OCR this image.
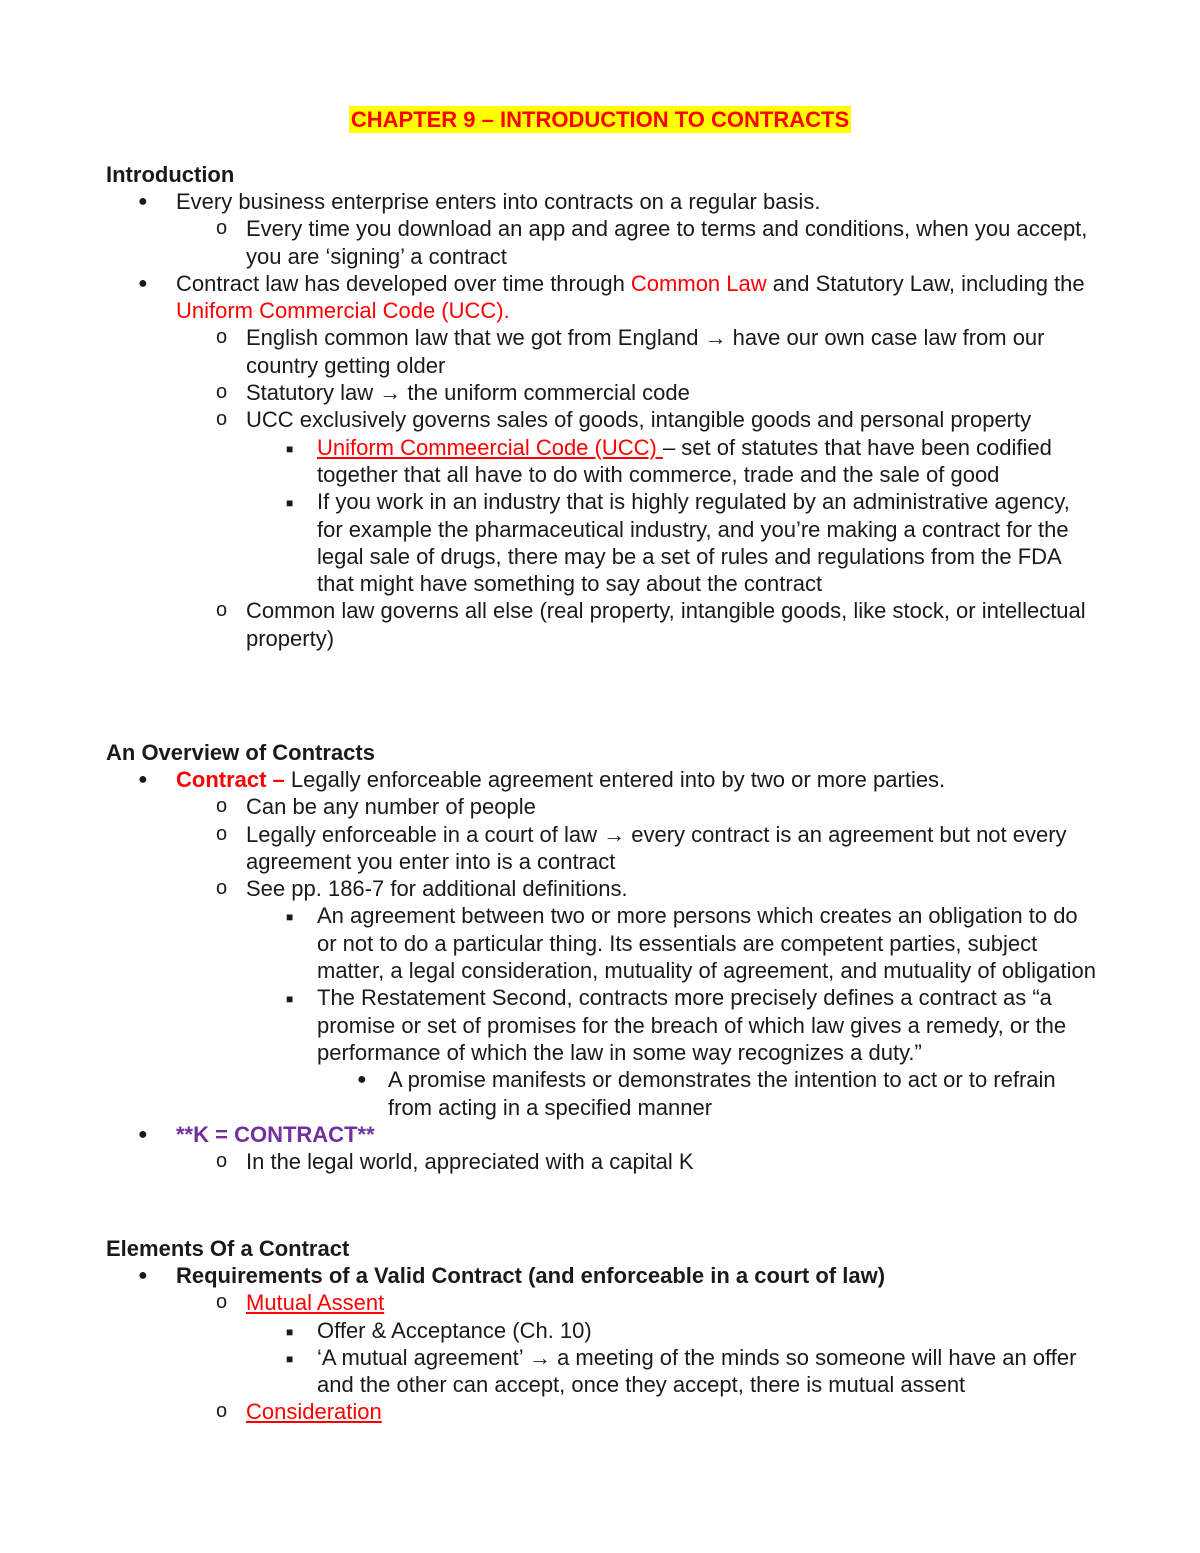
CHAPTER 9 – INTRODUCTION TO CONTRACTS
Introduction
● Every business enterprise enters into contracts on a regular basis.
o Every time you download an app and agree to terms and conditions, when you accept, you are ‘signing’ a contract
● Contract law has developed over time through Common Law and Statutory Law, including the Uniform Commercial Code (UCC).
o English common law that we got from England → have our own case law from our country getting older
o Statutory law → the uniform commercial code
o UCC exclusively governs sales of goods, intangible goods and personal property
■ Uniform Commeercial Code (UCC) – set of statutes that have been codified together that all have to do with commerce, trade and the sale of good
■ If you work in an industry that is highly regulated by an administrative agency, for example the pharmaceutical industry, and you’re making a contract for the legal sale of drugs, there may be a set of rules and regulations from the FDA that might have something to say about the contract
o Common law governs all else (real property, intangible goods, like stock, or intellectual property)
An Overview of Contracts
● Contract – Legally enforceable agreement entered into by two or more parties.
o Can be any number of people
o Legally enforceable in a court of law → every contract is an agreement but not every agreement you enter into is a contract
o See pp. 186-7 for additional definitions.
■ An agreement between two or more persons which creates an obligation to do or not to do a particular thing. Its essentials are competent parties, subject matter, a legal consideration, mutuality of agreement, and mutuality of obligation
■ The Restatement Second, contracts more precisely defines a contract as “a promise or set of promises for the breach of which law gives a remedy, or the performance of which the law in some way recognizes a duty.”
● A promise manifests or demonstrates the intention to act or to refrain from acting in a specified manner
● **K = CONTRACT**
o In the legal world, appreciated with a capital K
Elements Of a Contract
● Requirements of a Valid Contract (and enforceable in a court of law)
o Mutual Assent
■ Offer & Acceptance (Ch. 10)
■ ‘A mutual agreement’ → a meeting of the minds so someone will have an offer and the other can accept, once they accept, there is mutual assent
o Consideration
